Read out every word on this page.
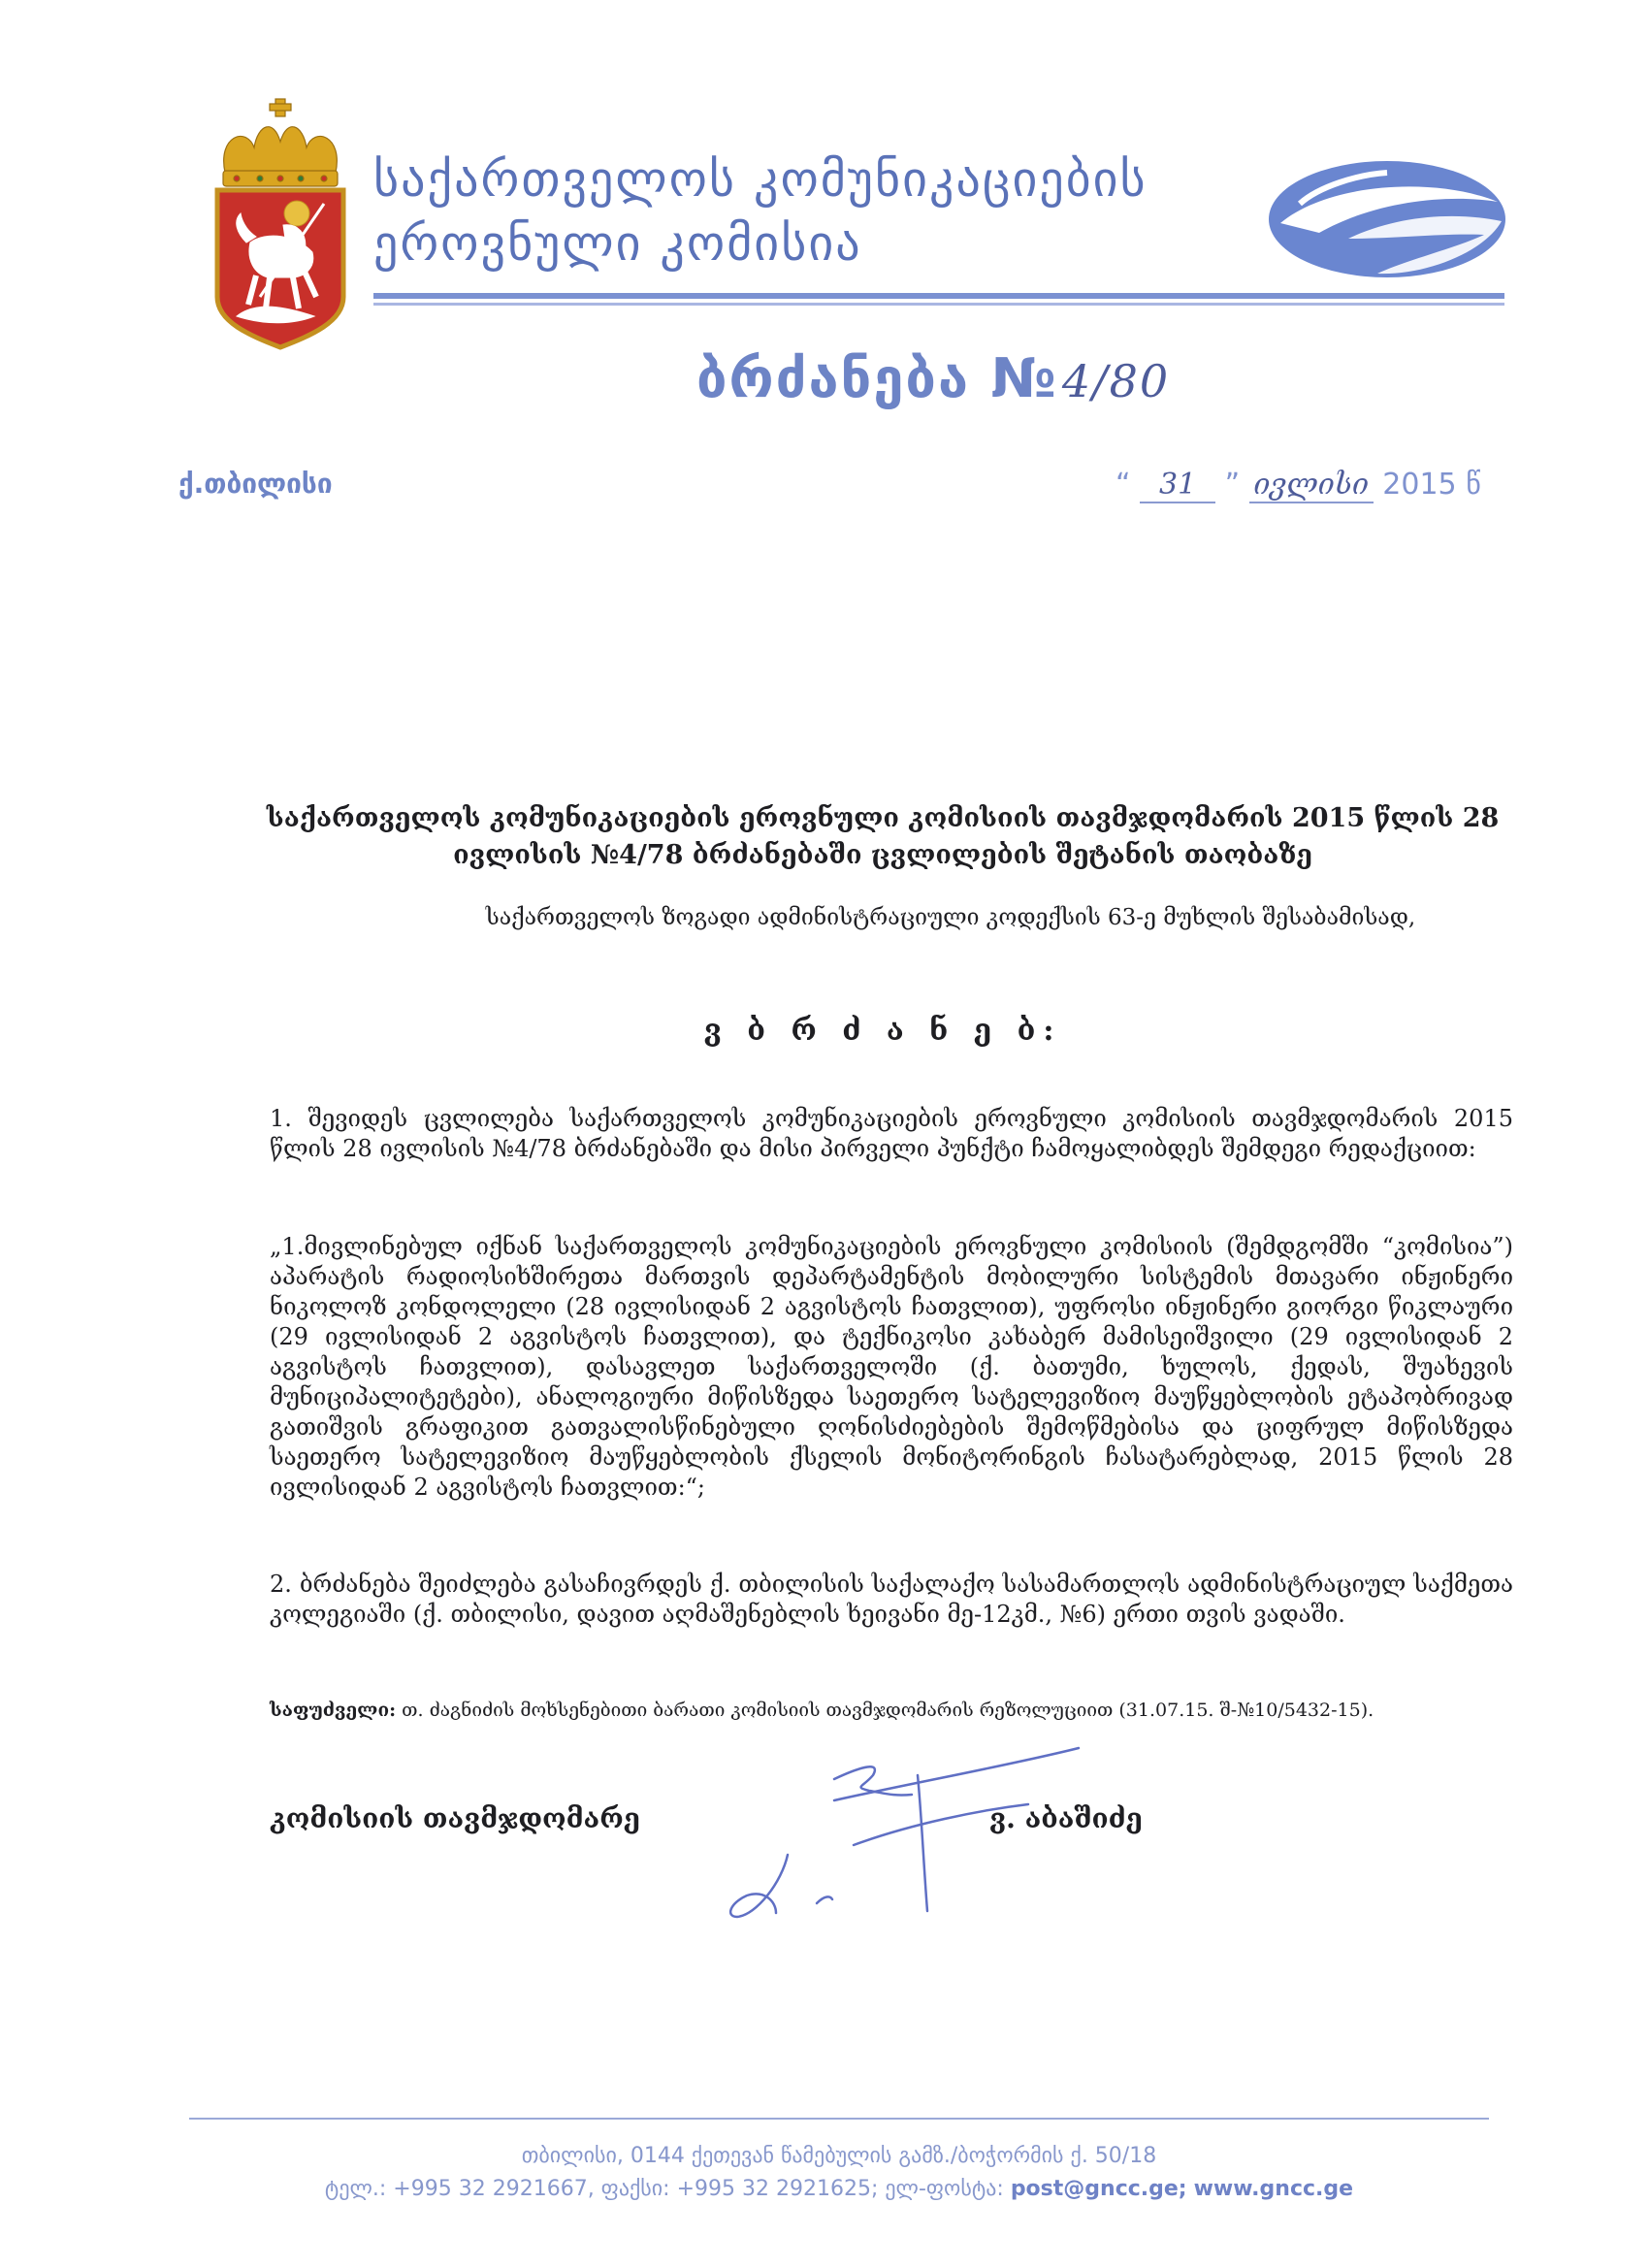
საქართველოს კომუნიკაციების
ეროვნული კომისია
ბრძანება №4/80
ქ.თბილისი	“ 31 ” ივლისი 2015 წ
საქართველოს კომუნიკაციების ეროვნული კომისიის თავმჯდომარის 2015 წლის 28 ივლისის №4/78 ბრძანებაში ცვლილების შეტანის თაობაზე
საქართველოს ზოგადი ადმინისტრაციული კოდექსის 63-ე მუხლის შესაბამისად,
ვ ბ რ ძ ა ნ ე ბ:
1. შევიდეს ცვლილება საქართველოს კომუნიკაციების ეროვნული კომისიის თავმჯდომარის 2015 წლის 28 ივლისის №4/78 ბრძანებაში და მისი პირველი პუნქტი ჩამოყალიბდეს შემდეგი რედაქციით:
„1.მივლინებულ იქნან საქართველოს კომუნიკაციების ეროვნული კომისიის (შემდგომში “კომისია”) აპარატის რადიოსიხშირეთა მართვის დეპარტამენტის მობილური სისტემის მთავარი ინჟინერი ნიკოლოზ კონდოლელი (28 ივლისიდან 2 აგვისტოს ჩათვლით), უფროსი ინჟინერი გიორგი წიკლაური (29 ივლისიდან 2 აგვისტოს ჩათვლით), და ტექნიკოსი კახაბერ მამისეიშვილი (29 ივლისიდან 2 აგვისტოს ჩათვლით), დასავლეთ საქართველოში (ქ. ბათუმი, ხულოს, ქედას, შუახევის მუნიციპალიტეტები), ანალოგიური მიწისზედა საეთერო სატელევიზიო მაუწყებლობის ეტაპობრივად გათიშვის გრაფიკით გათვალისწინებული ღონისძიებების შემოწმებისა და ციფრულ მიწისზედა საეთერო სატელევიზიო მაუწყებლობის ქსელის მონიტორინგის ჩასატარებლად, 2015 წლის 28 ივლისიდან 2 აგვისტოს ჩათვლით:“;
2. ბრძანება შეიძლება გასაჩივრდეს ქ. თბილისის საქალაქო სასამართლოს ადმინისტრაციულ საქმეთა კოლეგიაში (ქ. თბილისი, დავით აღმაშენებლის ხეივანი მე-12კმ., №6) ერთი თვის ვადაში.
საფუძველი: თ. ძაგნიძის მოხსენებითი ბარათი კომისიის თავმჯდომარის რეზოლუციით (31.07.15. შ-№10/5432-15).
კომისიის თავმჯდომარე	ვ. აბაშიძე
თბილისი, 0144 ქეთევან წამებულის გამზ./ბოჭორმის ქ. 50/18
ტელ.: +995 32 2921667, ფაქსი: +995 32 2921625; ელ-ფოსტა: post@gncc.ge; www.gncc.ge
